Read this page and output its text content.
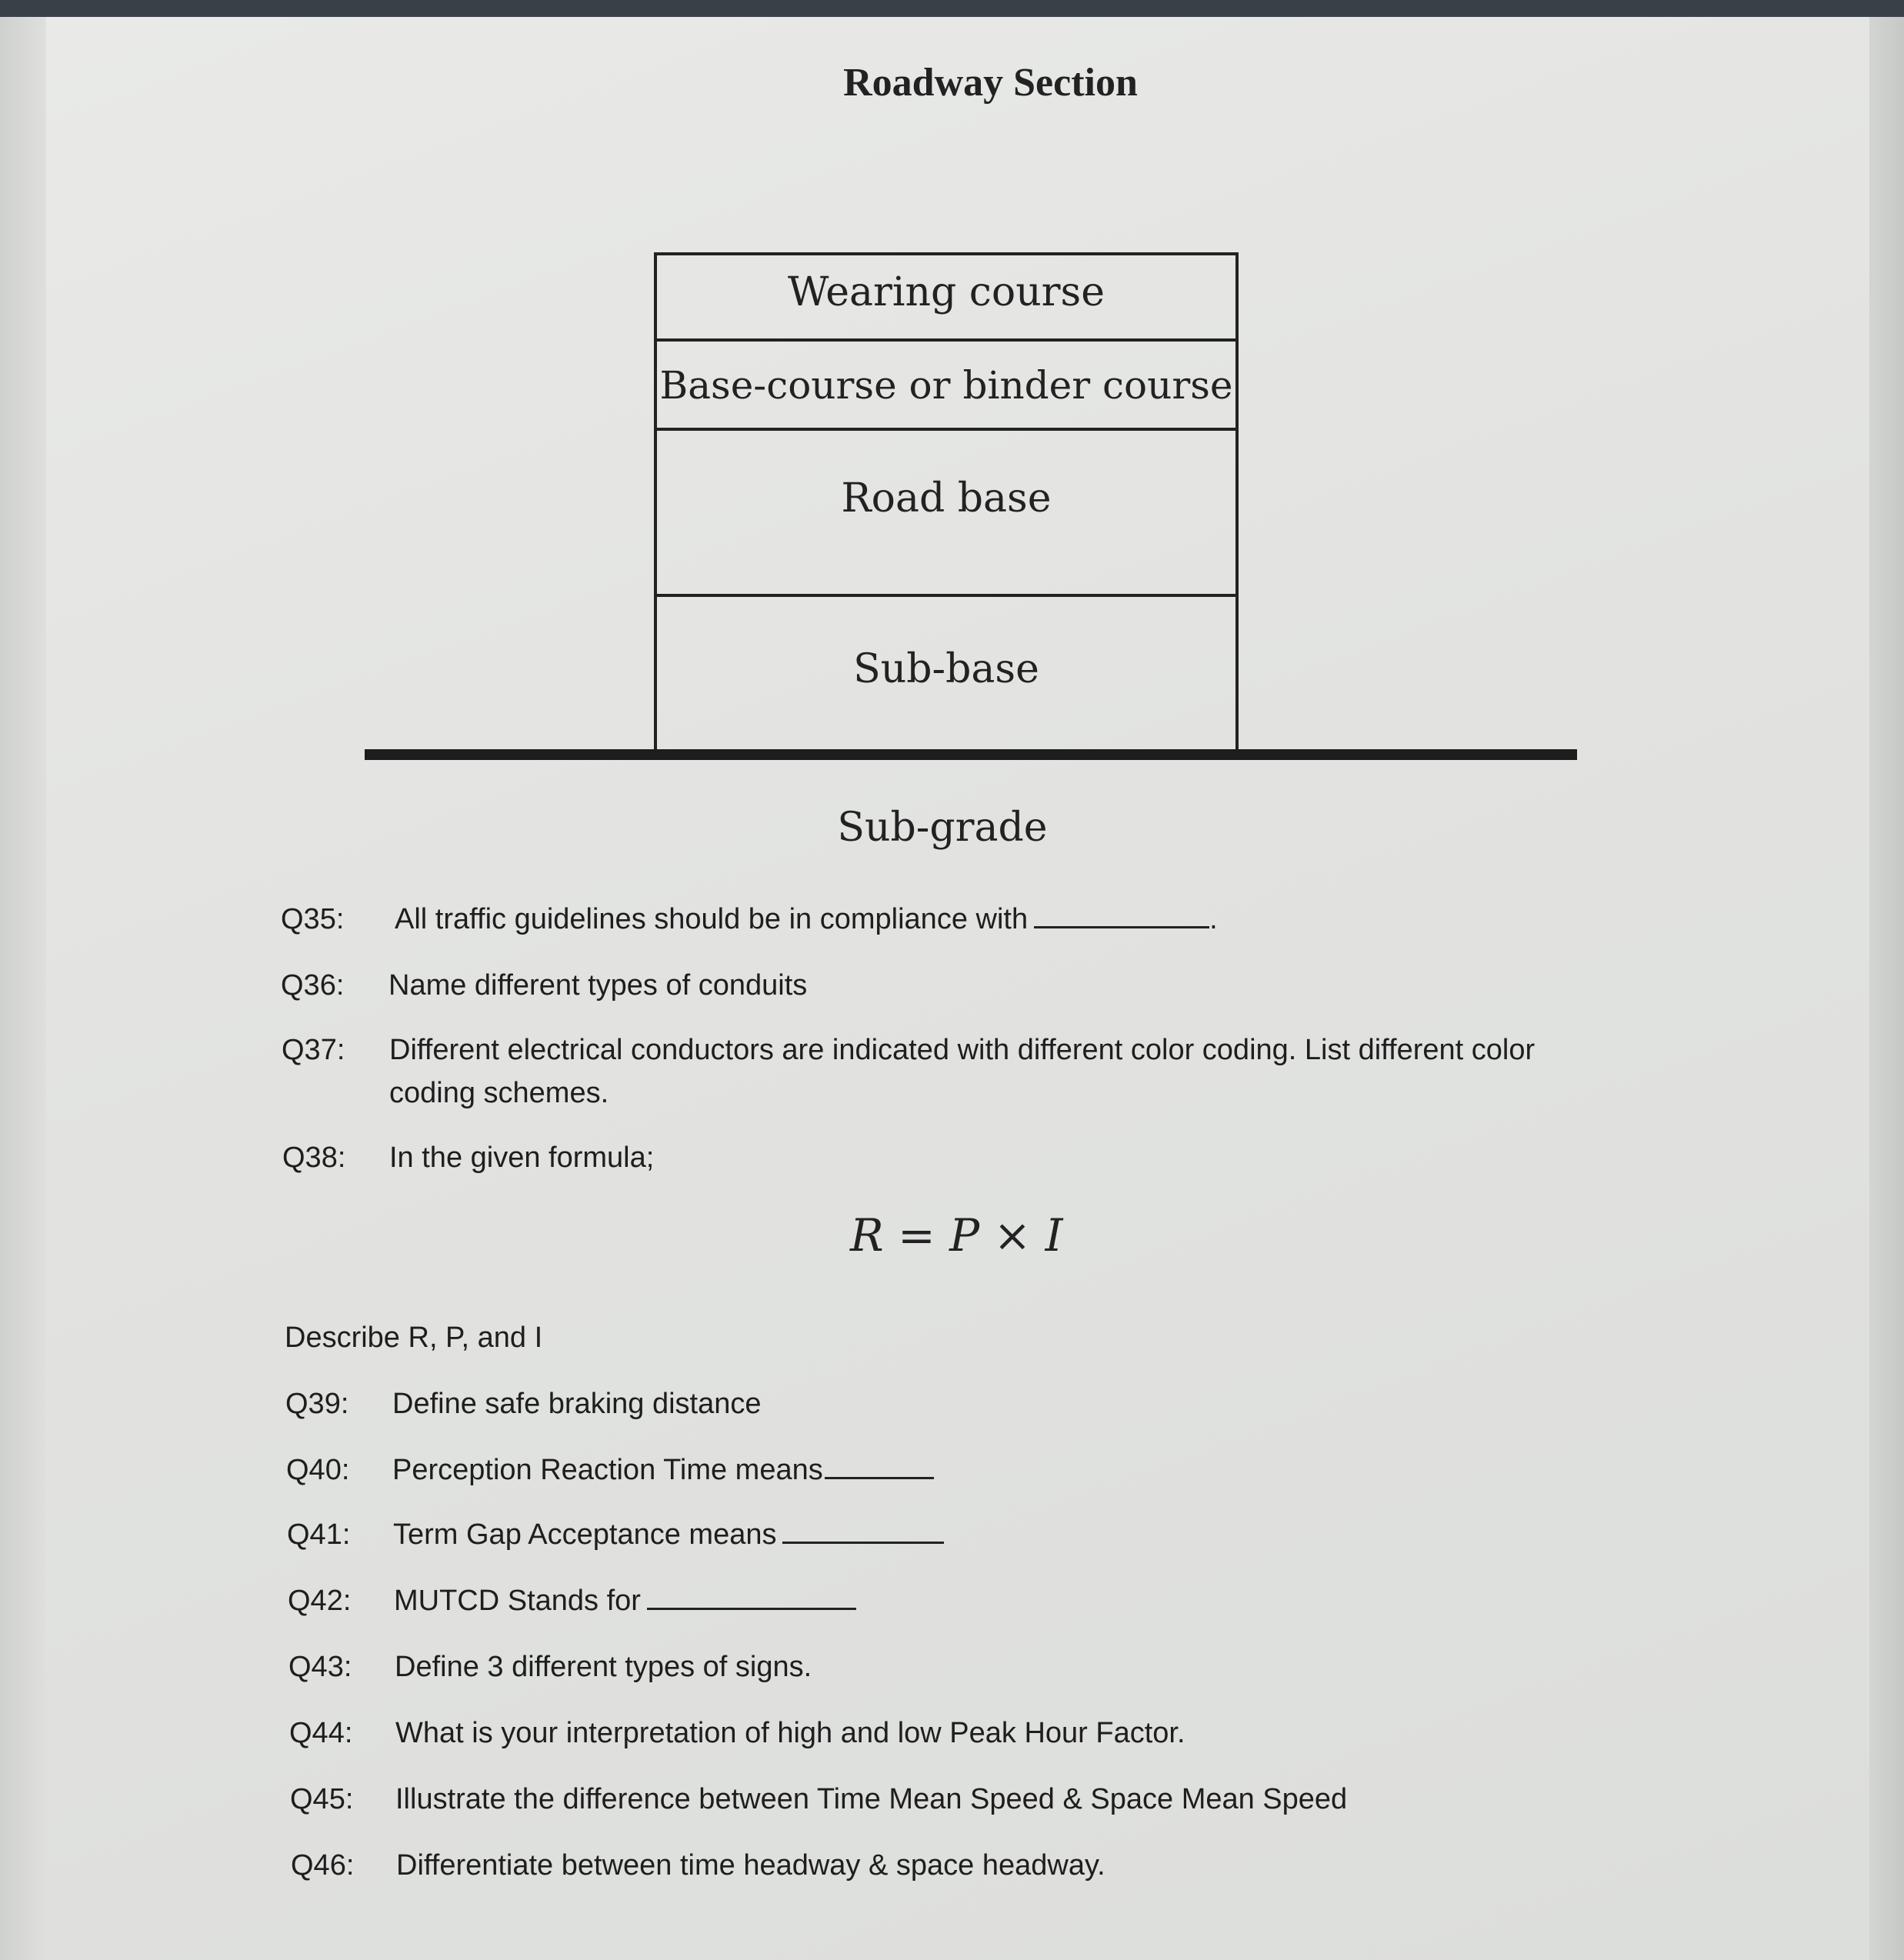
Roadway Section
Wearing course
Base-course or binder course
Road base
Sub-base
Sub-grade
Q35: All traffic guidelines should be in compliance with	.
Q36: Name different types of conduits
Q37: Different electrical conductors are indicated with different color coding. List different color
coding schemes.
Q38: In the given formula;
R = P × I
Describe R, P, and I
Q39: Define safe braking distance
Q40: Perception Reaction Time means
Q41: Term Gap Acceptance means
Q42: MUTCD Stands for
Q43: Define 3 different types of signs.
Q44: What is your interpretation of high and low Peak Hour Factor.
Q45: Illustrate the difference between Time Mean Speed & Space Mean Speed
Q46: Differentiate between time headway & space headway.
